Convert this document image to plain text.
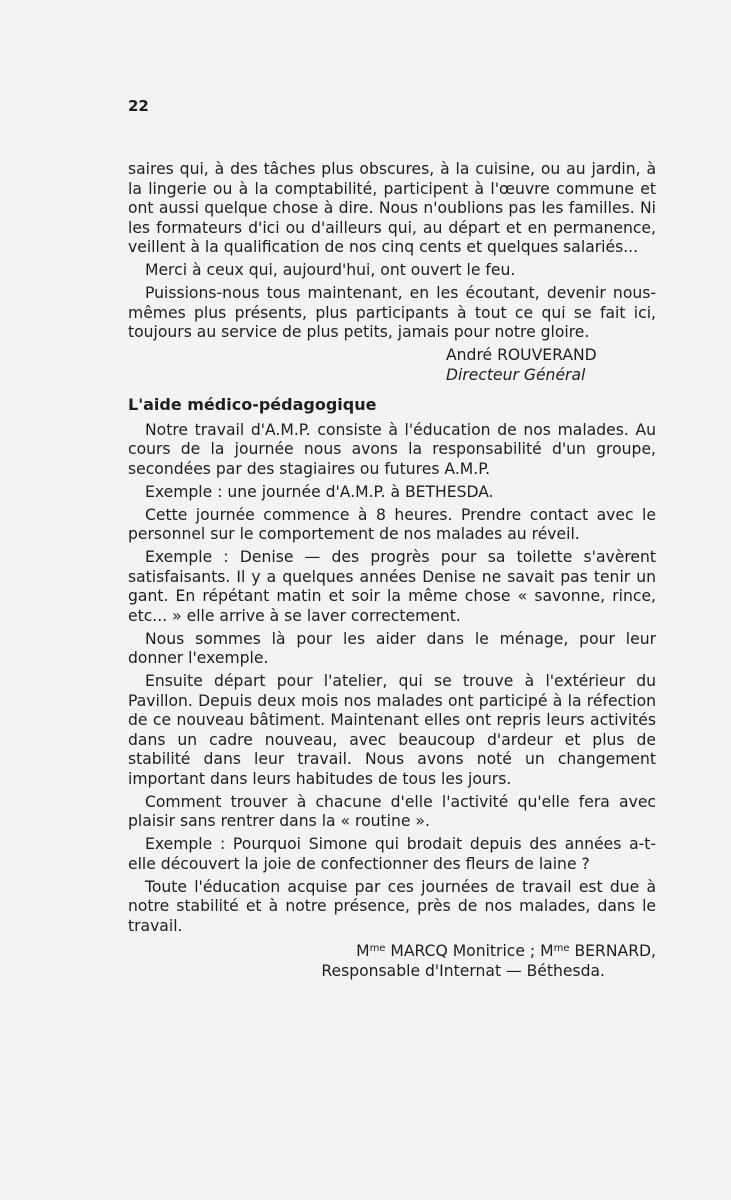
22

saires qui, à des tâches plus obscures, à la cuisine, ou au jardin, à la lingerie ou à la comptabilité, participent à l'œuvre commune et ont aussi quelque chose à dire. Nous n'oublions pas les familles. Ni les formateurs d'ici ou d'ailleurs qui, au départ et en permanence, veillent à la qualification de nos cinq cents et quelques salariés...

Merci à ceux qui, aujourd'hui, ont ouvert le feu.

Puissions-nous tous maintenant, en les écoutant, devenir nous-mêmes plus présents, plus participants à tout ce qui se fait ici, toujours au service de plus petits, jamais pour notre gloire.

André ROUVERAND
Directeur Général
L'aide médico-pédagogique

Notre travail d'A.M.P. consiste à l'éducation de nos malades. Au cours de la journée nous avons la responsabilité d'un groupe, secondées par des stagiaires ou futures A.M.P.

Exemple : une journée d'A.M.P. à BETHESDA.

Cette journée commence à 8 heures. Prendre contact avec le personnel sur le comportement de nos malades au réveil.

Exemple : Denise — des progrès pour sa toilette s'avèrent satisfaisants. Il y a quelques années Denise ne savait pas tenir un gant. En répétant matin et soir la même chose « savonne, rince, etc... » elle arrive à se laver correctement.

Nous sommes là pour les aider dans le ménage, pour leur donner l'exemple.

Ensuite départ pour l'atelier, qui se trouve à l'extérieur du Pavillon. Depuis deux mois nos malades ont participé à la réfection de ce nouveau bâtiment. Maintenant elles ont repris leurs activités dans un cadre nouveau, avec beaucoup d'ardeur et plus de stabilité dans leur travail. Nous avons noté un changement important dans leurs habitudes de tous les jours.

Comment trouver à chacune d'elle l'activité qu'elle fera avec plaisir sans rentrer dans la « routine ».

Exemple : Pourquoi Simone qui brodait depuis des années a-t-elle découvert la joie de confectionner des fleurs de laine ?

Toute l'éducation acquise par ces journées de travail est due à notre stabilité et à notre présence, près de nos malades, dans le travail.

$M^{me}$ MARCQ Monitrice ; $M^{me}$ BERNARD,
Responsable d'Internat — Béthesda.
